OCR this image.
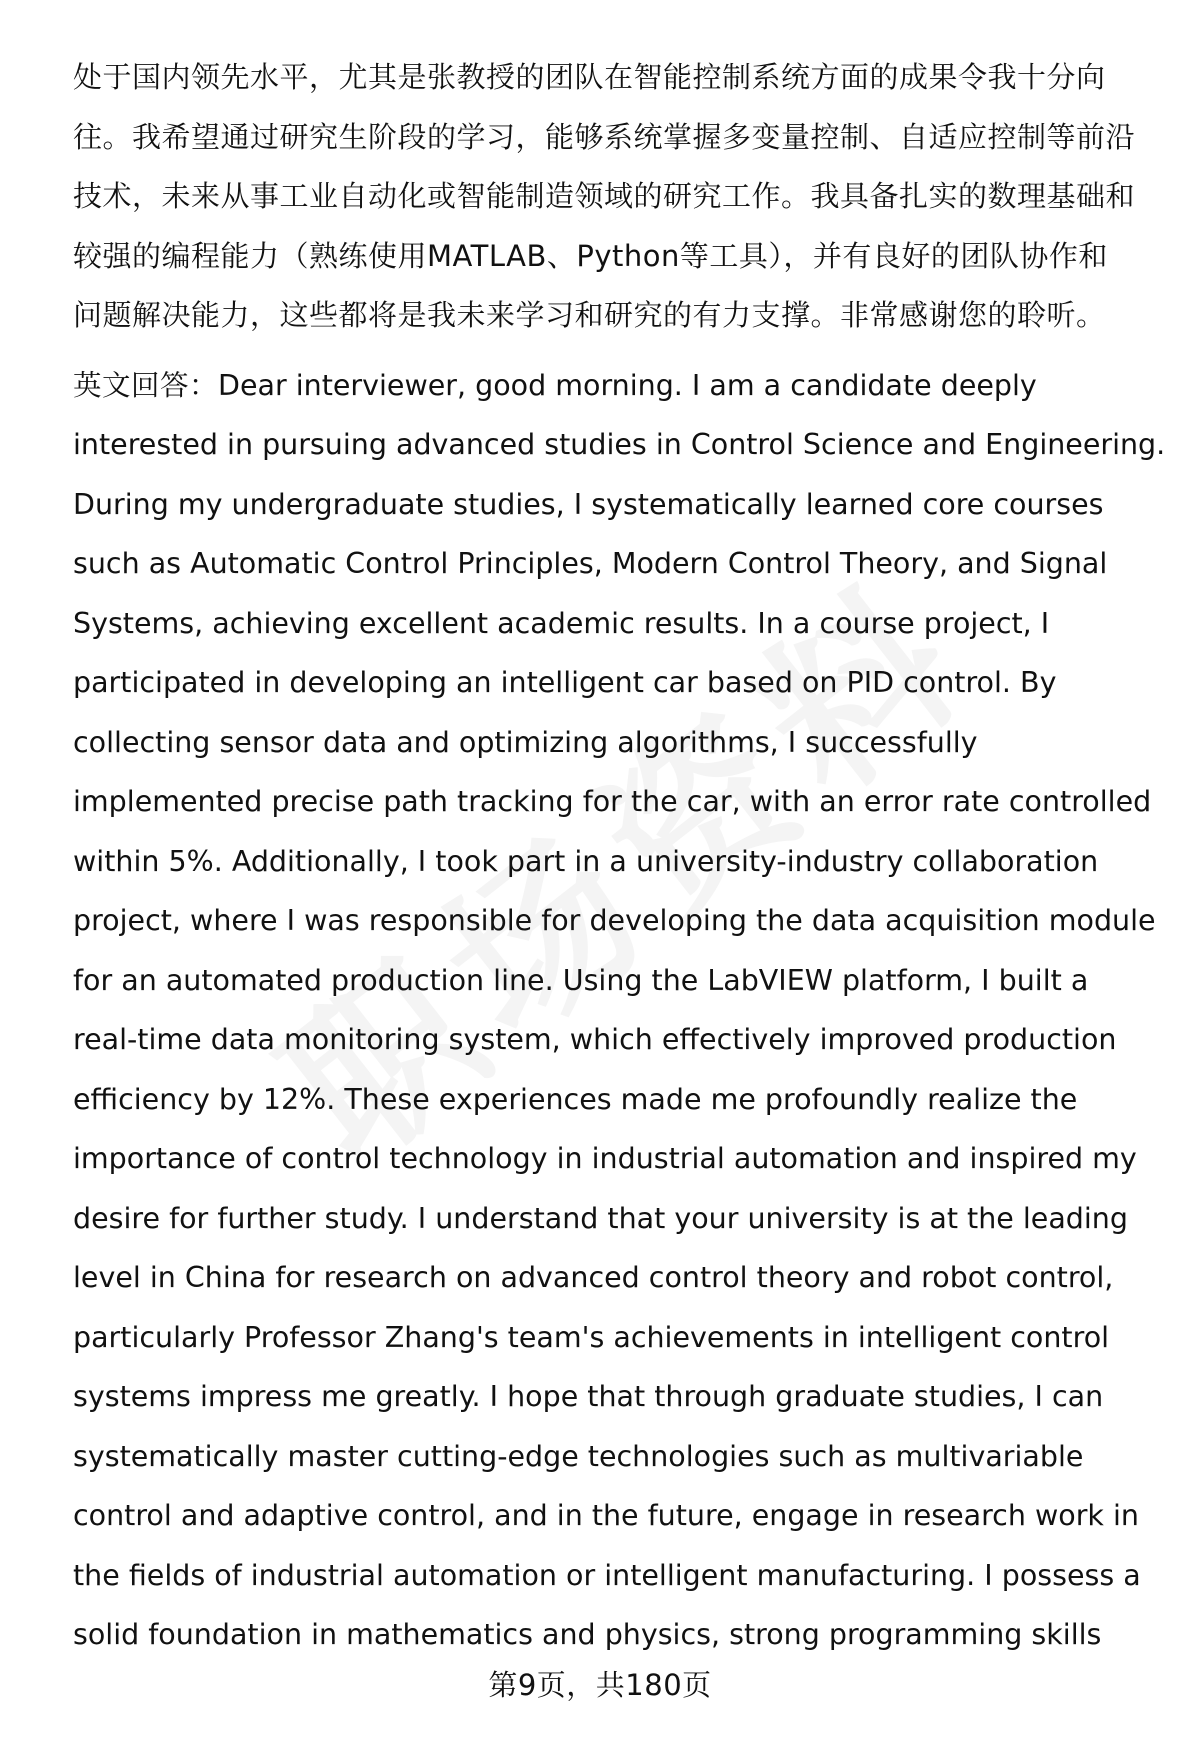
处于国内领先水平，尤其是张教授的团队在智能控制系统方面的成果令我十分向
往。我希望通过研究生阶段的学习，能够系统掌握多变量控制、自适应控制等前沿
技术，未来从事工业自动化或智能制造领域的研究工作。我具备扎实的数理基础和
较强的编程能力（熟练使用MATLAB、Python等工具），并有良好的团队协作和
问题解决能力，这些都将是我未来学习和研究的有力支撑。非常感谢您的聆听。

英文回答：Dear interviewer, good morning. I am a candidate deeply
interested in pursuing advanced studies in Control Science and Engineering.
During my undergraduate studies, I systematically learned core courses
such as Automatic Control Principles, Modern Control Theory, and Signal
Systems, achieving excellent academic results. In a course project, I
participated in developing an intelligent car based on PID control. By
collecting sensor data and optimizing algorithms, I successfully
implemented precise path tracking for the car, with an error rate controlled
within 5%. Additionally, I took part in a university-industry collaboration
project, where I was responsible for developing the data acquisition module
for an automated production line. Using the LabVIEW platform, I built a
real-time data monitoring system, which effectively improved production
efficiency by 12%. These experiences made me profoundly realize the
importance of control technology in industrial automation and inspired my
desire for further study. I understand that your university is at the leading
level in China for research on advanced control theory and robot control,
particularly Professor Zhang's team's achievements in intelligent control
systems impress me greatly. I hope that through graduate studies, I can
systematically master cutting-edge technologies such as multivariable
control and adaptive control, and in the future, engage in research work in
the fields of industrial automation or intelligent manufacturing. I possess a
solid foundation in mathematics and physics, strong programming skills

第9页，共180页
